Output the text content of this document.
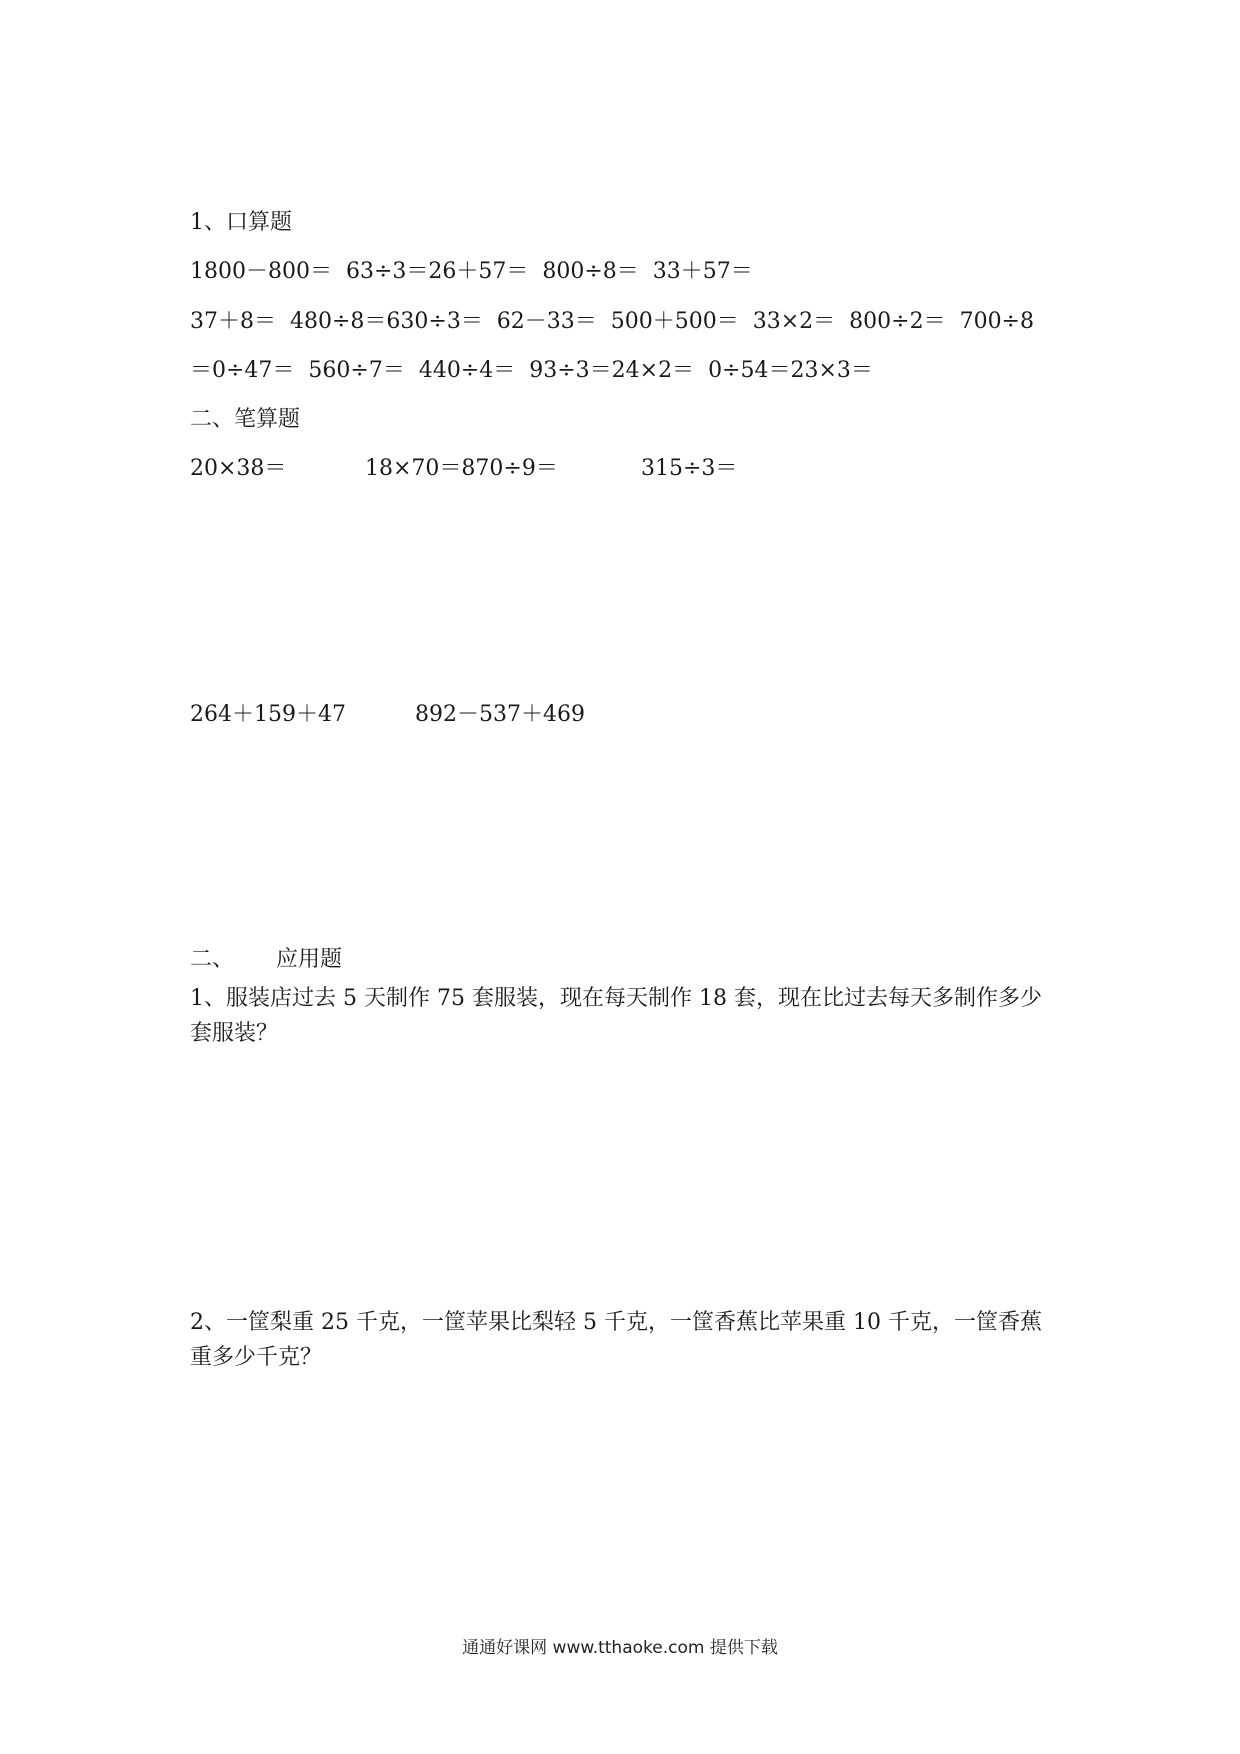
1、口算题
1800－800＝  63÷3＝26＋57＝  800÷8＝  33＋57＝
37＋8＝  480÷8＝630÷3＝  62－33＝  500＋500＝  33×2＝  800÷2＝  700÷8
＝0÷47＝  560÷7＝  440÷4＝  93÷3＝24×2＝  0÷54＝23×3＝
二、笔算题
20×38＝	18×70＝870÷9＝	315÷3＝
264＋159＋47	892－537＋469
二、      应用题
1、服装店过去 5 天制作 75 套服装，现在每天制作 18 套，现在比过去每天多制作多少套服装？
2、一筐梨重 25 千克，一筐苹果比梨轻 5 千克，一筐香蕉比苹果重 10 千克，一筐香蕉重多少千克？
通通好课网 www.tthaoke.com 提供下载
